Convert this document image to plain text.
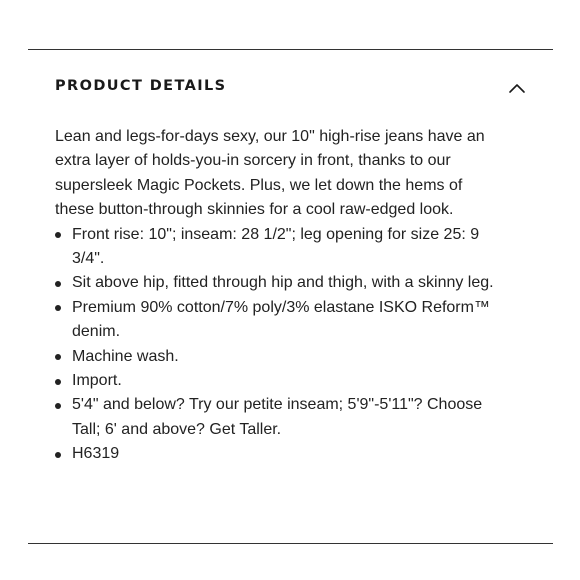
PRODUCT DETAILS

Lean and legs-for-days sexy, our 10" high-rise jeans have an extra layer of holds-you-in sorcery in front, thanks to our supersleek Magic Pockets. Plus, we let down the hems of these button-through skinnies for a cool raw-edged look.

Front rise: 10"; inseam: 28 1/2"; leg opening for size 25: 9 3/4".
Sit above hip, fitted through hip and thigh, with a skinny leg.
Premium 90% cotton/7% poly/3% elastane ISKO Reform™ denim.
Machine wash.
Import.
5'4" and below? Try our petite inseam; 5'9"-5'11"? Choose Tall; 6' and above? Get Taller.
H6319
